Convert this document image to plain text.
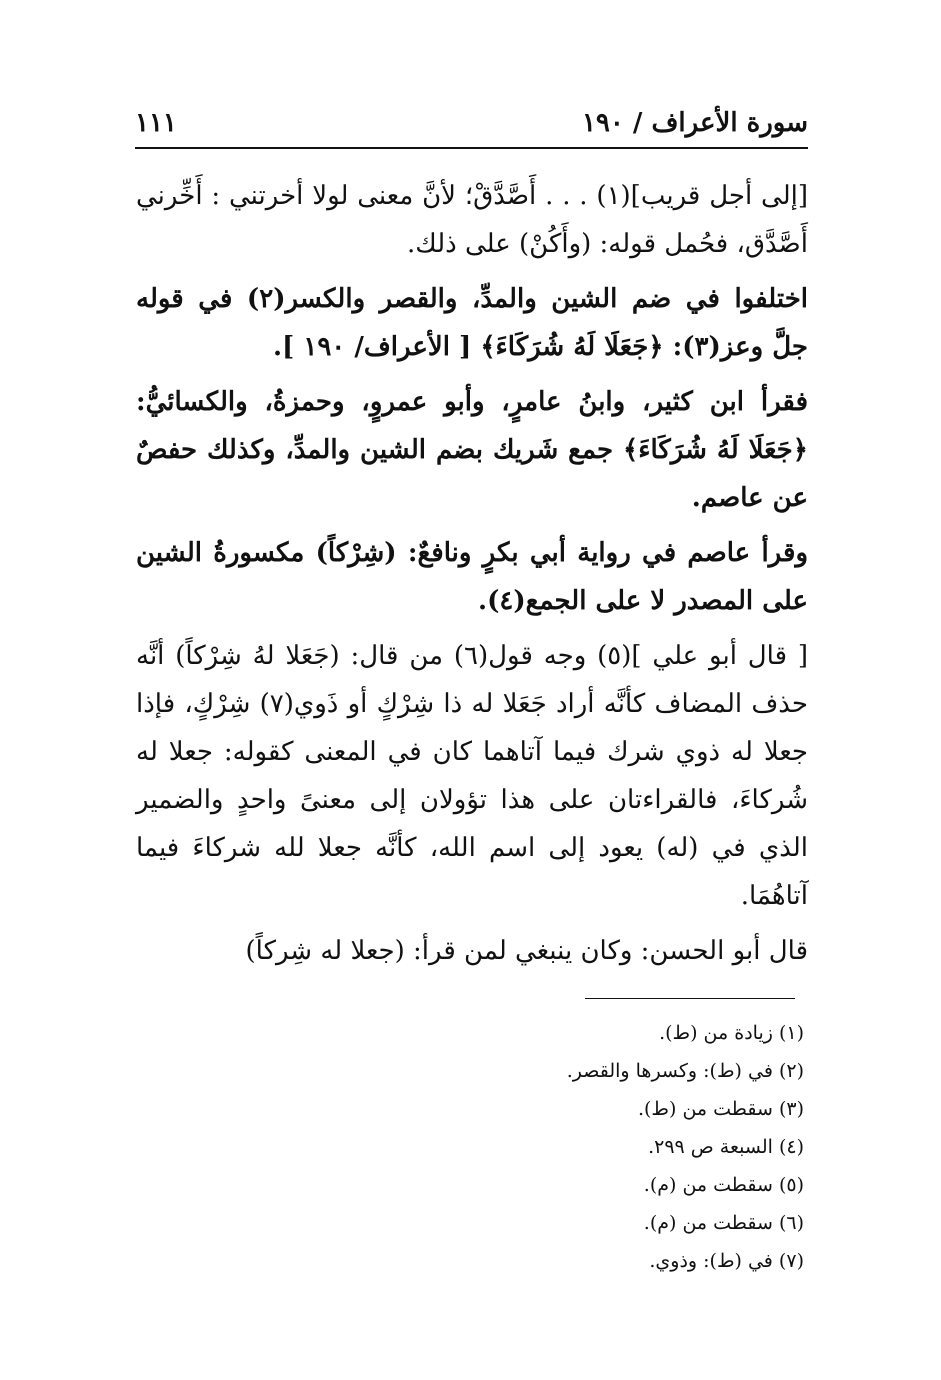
سورة الأعراف / ١٩٠
١١١

[إلى أجل قريب](١) . . . أَصَّدَّقْ؛ لأنَّ معنى لولا أخرتني : أَخِّرني أَصَّدَّق، فحُمل قوله: (وأَكُنْ) على ذلك.

اختلفوا في ضم الشين والمدِّ، والقصر والكسر(٢) في قوله جلَّ وعز(٣): ﴿جَعَلَا لَهُ شُرَكَاءَ﴾ [ الأعراف/ ١٩٠ ].

فقرأ ابن كثير، وابنُ عامرٍ، وأبو عمروٍ، وحمزةُ، والكسائيُّ: ﴿جَعَلَا لَهُ شُرَكَاءَ﴾ جمع شَريك بضم الشين والمدِّ، وكذلك حفصٌ عن عاصم.

وقرأ عاصم في رواية أبي بكرٍ ونافعٌ: (شِرْكاً) مكسورةُ الشين على المصدر لا على الجمع(٤).

[ قال أبو علي ](٥) وجه قول(٦) من قال: (جَعَلا لهُ شِرْكاً) أنَّه حذف المضاف كأنَّه أراد جَعَلا له ذا شِرْكٍ أو ذَوي(٧) شِرْكٍ، فإذا جعلا له ذوي شرك فيما آتاهما كان في المعنى كقوله: جعلا له شُركاءَ، فالقراءتان على هذا تؤولان إلى معنىً واحدٍ والضمير الذي في (له) يعود إلى اسم الله، كأنَّه جعلا لله شركاءَ فيما آتاهُمَا.

قال أبو الحسن: وكان ينبغي لمن قرأ: (جعلا له شِركاً)

(١) زيادة من (ط).
(٢) في (ط): وكسرها والقصر.
(٣) سقطت من (ط).
(٤) السبعة ص ٢٩٩.
(٥) سقطت من (م).
(٦) سقطت من (م).
(٧) في (ط): وذوي.
